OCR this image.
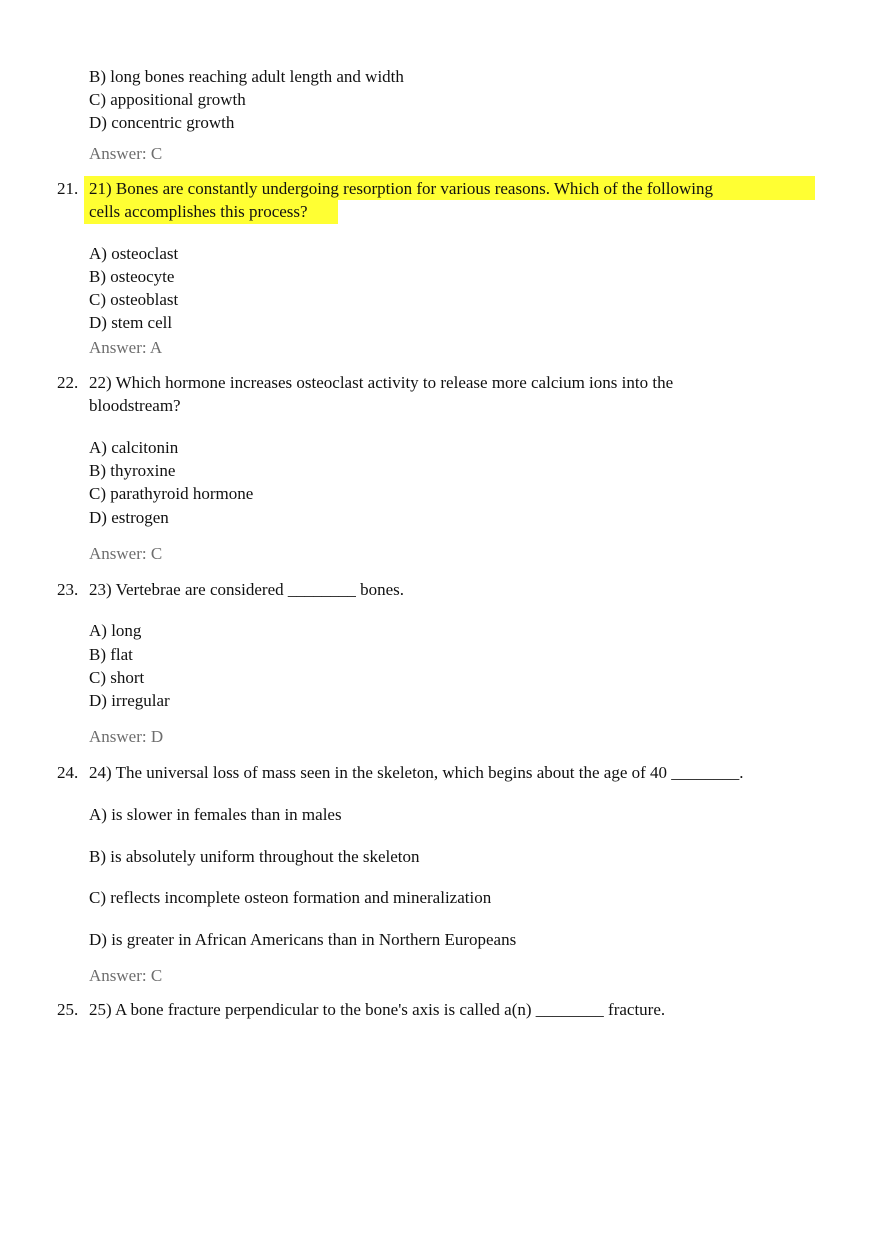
B) long bones reaching adult length and width
C) appositional growth
D) concentric growth
Answer: C
21. 21) Bones are constantly undergoing resorption for various reasons. Which of the following
cells accomplishes this process?
A) osteoclast
B) osteocyte
C) osteoblast
D) stem cell
Answer: A
22. 22) Which hormone increases osteoclast activity to release more calcium ions into the
bloodstream?
A) calcitonin
B) thyroxine
C) parathyroid hormone
D) estrogen
Answer: C
23. 23) Vertebrae are considered ________ bones.
A) long
B) flat
C) short
D) irregular
Answer: D
24. 24) The universal loss of mass seen in the skeleton, which begins about the age of 40 ________.
A) is slower in females than in males
B) is absolutely uniform throughout the skeleton
C) reflects incomplete osteon formation and mineralization
D) is greater in African Americans than in Northern Europeans
Answer: C
25. 25) A bone fracture perpendicular to the bone's axis is called a(n) ________ fracture.
